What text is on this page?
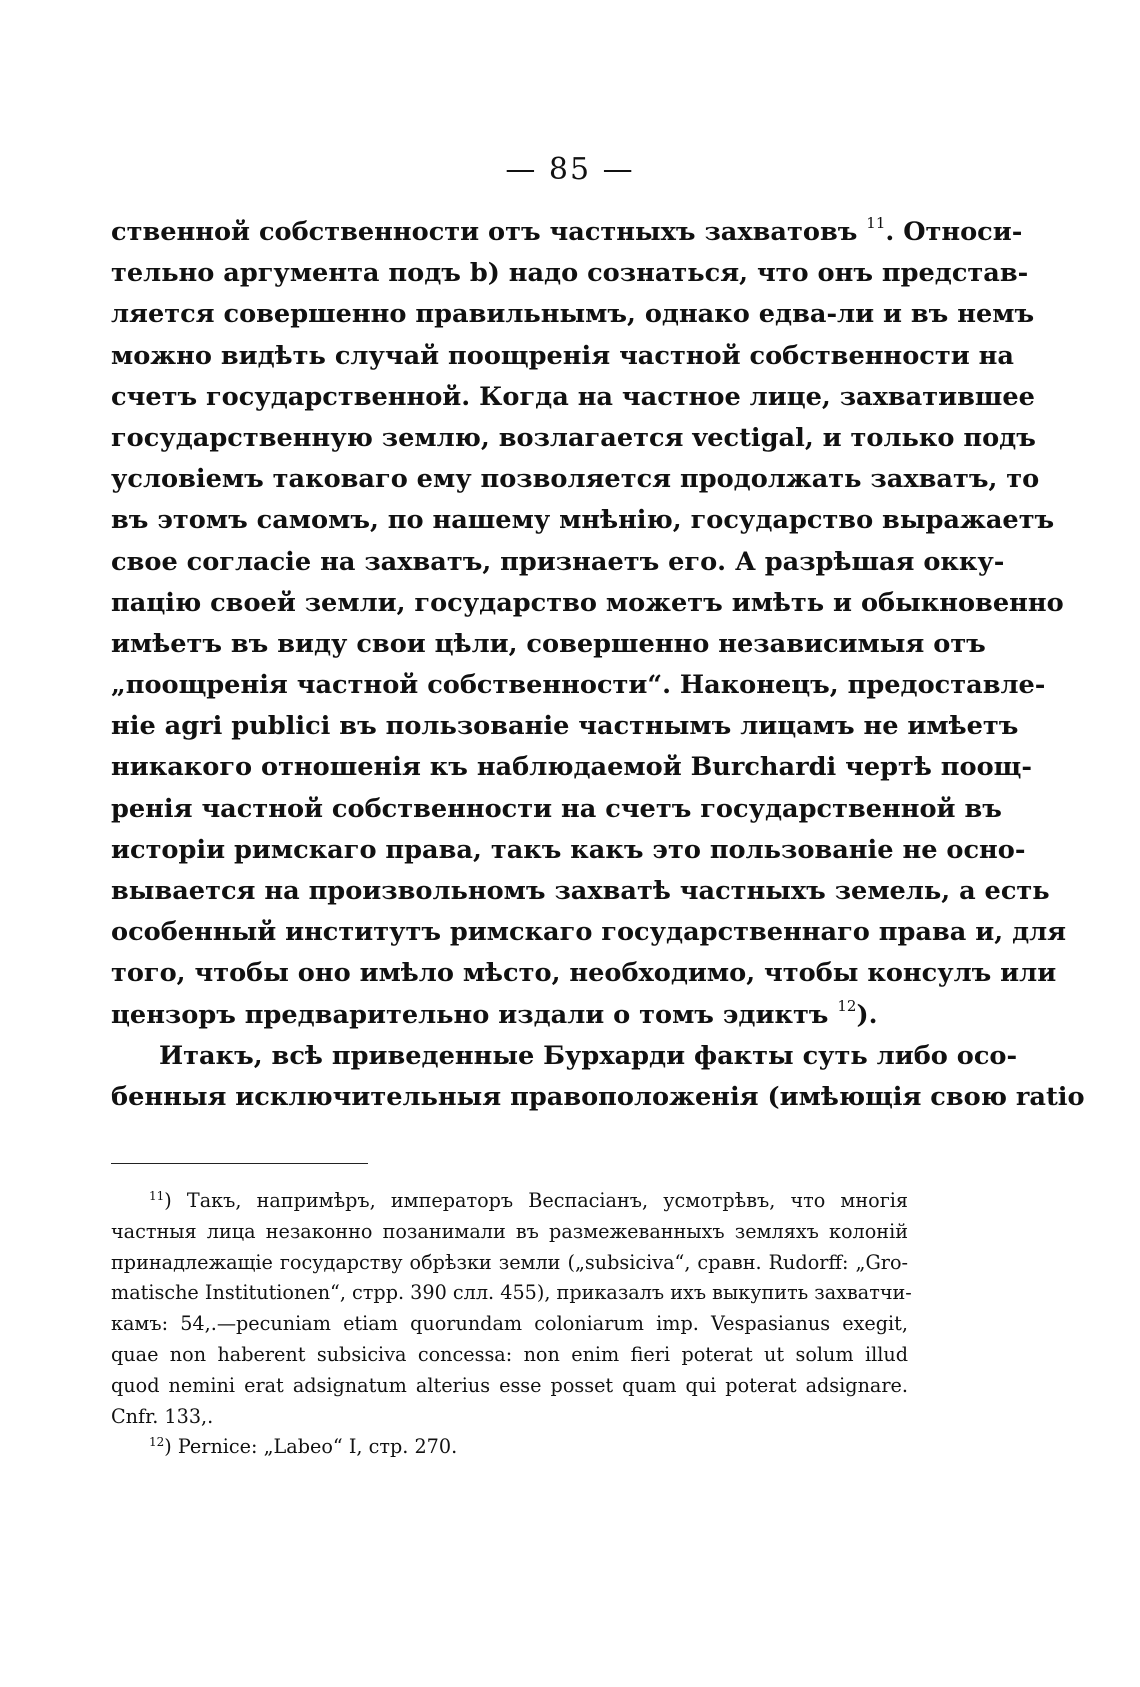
— 85 —
ственной собственности отъ частныхъ захватовъ $^{11}$. Относи-
тельно аргумента подъ b) надо сознаться, что онъ представ-
ляется совершенно правильнымъ, однако едва-ли и въ немъ
можно видѣть случай поощренія частной собственности на
счетъ государственной. Когда на частное лице, захватившее
государственную землю, возлагается vectigal, и только подъ
условіемъ таковаго ему позволяется продолжать захватъ, то
въ этомъ самомъ, по нашему мнѣнію, государство выражаетъ
свое согласіе на захватъ, признаетъ его. А разрѣшая окку-
пацію своей земли, государство можетъ имѣть и обыкновенно
имѣетъ въ виду свои цѣли, совершенно независимыя отъ
„поощренія частной собственности“. Наконецъ, предоставле-
ніе agri publici въ пользованіе частнымъ лицамъ не имѣетъ
никакого отношенія къ наблюдаемой Burchardi чертѣ поощ-
ренія частной собственности на счетъ государственной въ
исторіи римскаго права, такъ какъ это пользованіе не осно-
вывается на произвольномъ захватѣ частныхъ земель, а есть
особенный институтъ римскаго государственнаго права и, для
того, чтобы оно имѣло мѣсто, необходимо, чтобы консулъ или
цензоръ предварительно издали о томъ эдиктъ $^{12}$).
Итакъ, всѣ приведенные Бурхарди факты суть либо осо-
бенныя исключительныя правоположенія (имѣющія свою ratio
$^{11}$) Такъ, напримѣръ, императоръ Веспасіанъ, усмотрѣвъ, что многія
частныя лица незаконно позанимали въ размежеванныхъ земляхъ колоній
принадлежащіе государству обрѣзки земли („subsiciva“, сравн. Rudorff: „Gro-
matische Institutionen“, стрр. 390 слл. 455), приказалъ ихъ выкупить захватчи-
камъ: 54,.—pecuniam etiam quorundam coloniarum imp. Vespasianus exegit,
quae non haberent subsiciva concessa: non enim fieri poterat ut solum illud
quod nemini erat adsignatum alterius esse posset quam qui poterat adsignare.
Cnfr. 133,.
$^{12}$) Pernice: „Labeo“ I, стр. 270.
